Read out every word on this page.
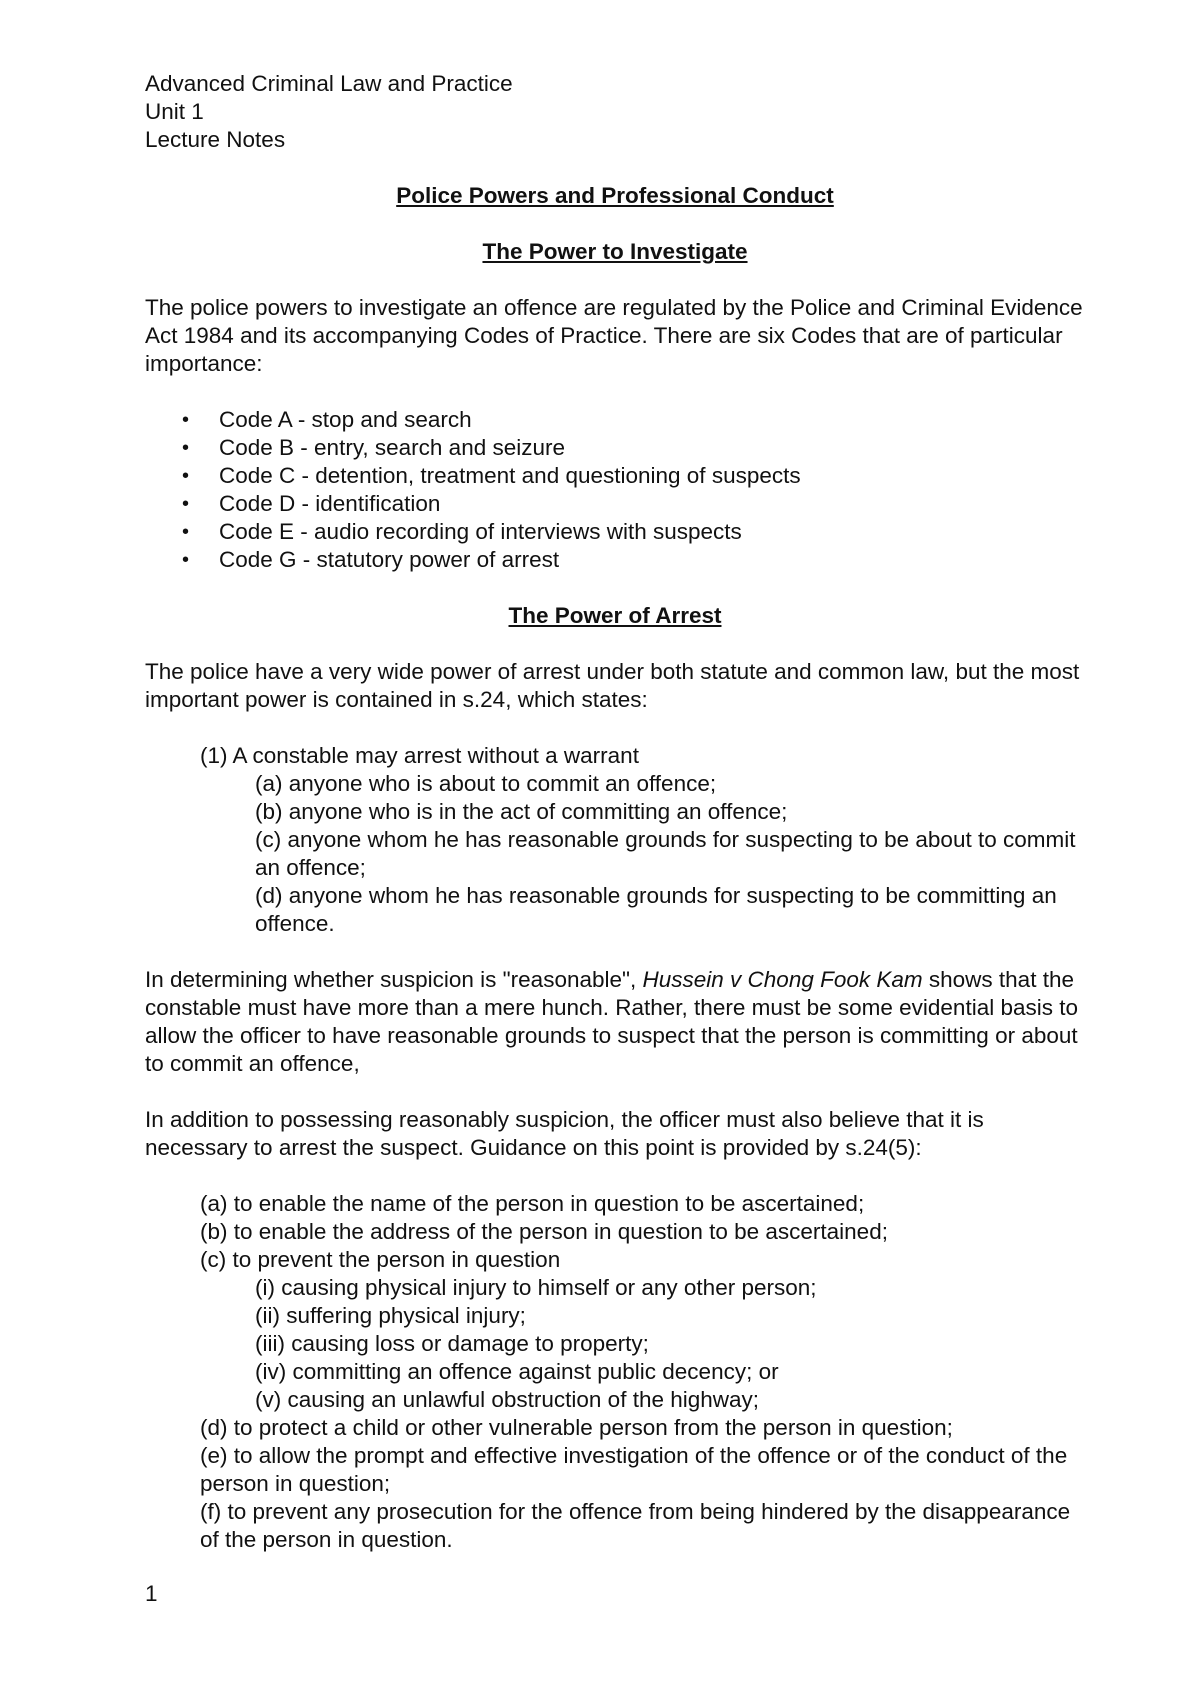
Advanced Criminal Law and Practice

Unit 1

Lecture Notes

Police Powers and Professional Conduct

The Power to Investigate

The police powers to investigate an offence are regulated by the Police and Criminal Evidence Act 1984 and its accompanying Codes of Practice. There are six Codes that are of particular importance:

• Code A - stop and search
• Code B - entry, search and seizure
• Code C - detention, treatment and questioning of suspects
• Code D - identification
• Code E - audio recording of interviews with suspects
• Code G - statutory power of arrest

The Power of Arrest

The police have a very wide power of arrest under both statute and common law, but the most important power is contained in s.24, which states:

(1) A constable may arrest without a warrant

(a) anyone who is about to commit an offence;

(b) anyone who is in the act of committing an offence;

(c) anyone whom he has reasonable grounds for suspecting to be about to commit an offence;

(d) anyone whom he has reasonable grounds for suspecting to be committing an offence.

In determining whether suspicion is "reasonable", Hussein v Chong Fook Kam shows that the constable must have more than a mere hunch. Rather, there must be some evidential basis to allow the officer to have reasonable grounds to suspect that the person is committing or about to commit an offence,

In addition to possessing reasonably suspicion, the officer must also believe that it is necessary to arrest the suspect. Guidance on this point is provided by s.24(5):

(a) to enable the name of the person in question to be ascertained;

(b) to enable the address of the person in question to be ascertained;

(c) to prevent the person in question

(i) causing physical injury to himself or any other person;

(ii) suffering physical injury;

(iii) causing loss or damage to property;

(iv) committing an offence against public decency; or

(v) causing an unlawful obstruction of the highway;

(d) to protect a child or other vulnerable person from the person in question;

(e) to allow the prompt and effective investigation of the offence or of the conduct of the person in question;

(f) to prevent any prosecution for the offence from being hindered by the disappearance of the person in question.

1
